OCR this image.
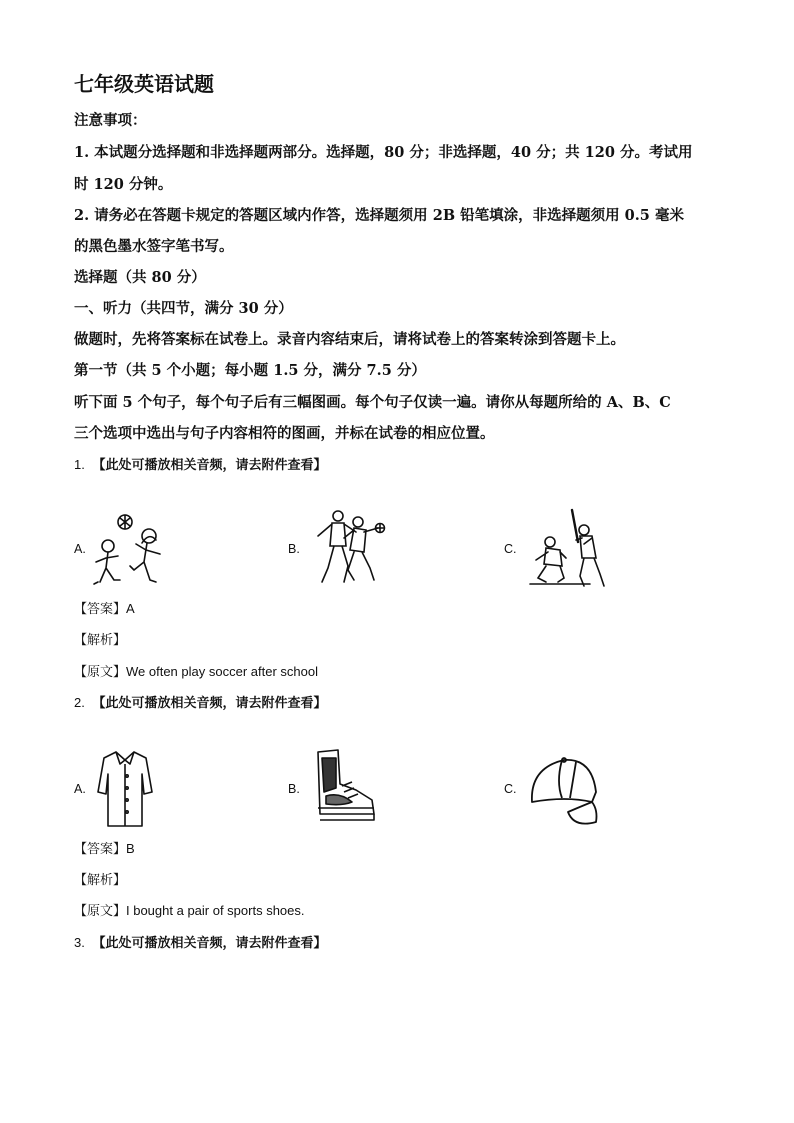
七年级英语试题
注意事项：
1. 本试题分选择题和非选择题两部分。选择题，80 分；非选择题，40 分；共 120 分。考试用
时 120 分钟。
2. 请务必在答题卡规定的答题区域内作答，选择题须用 2B 铅笔填涂，非选择题须用 0.5 毫米
的黑色墨水签字笔书写。
选择题（共 80 分）
一、听力（共四节，满分 30 分）
做题时，先将答案标在试卷上。录音内容结束后，请将试卷上的答案转涂到答题卡上。
第一节（共 5 个小题；每小题 1.5 分，满分 7.5 分）
听下面 5 个句子，每个句子后有三幅图画。每个句子仅读一遍。请你从每题所给的 A、B、C
三个选项中选出与句子内容相符的图画，并标在试卷的相应位置。
1. 【此处可播放相关音频，请去附件查看】
A.	B.	C.
【答案】A
【解析】
【原文】We often play soccer after school
2. 【此处可播放相关音频，请去附件查看】
A.	B.	C.
【答案】B
【解析】
【原文】I bought a pair of sports shoes.
3. 【此处可播放相关音频，请去附件查看】
